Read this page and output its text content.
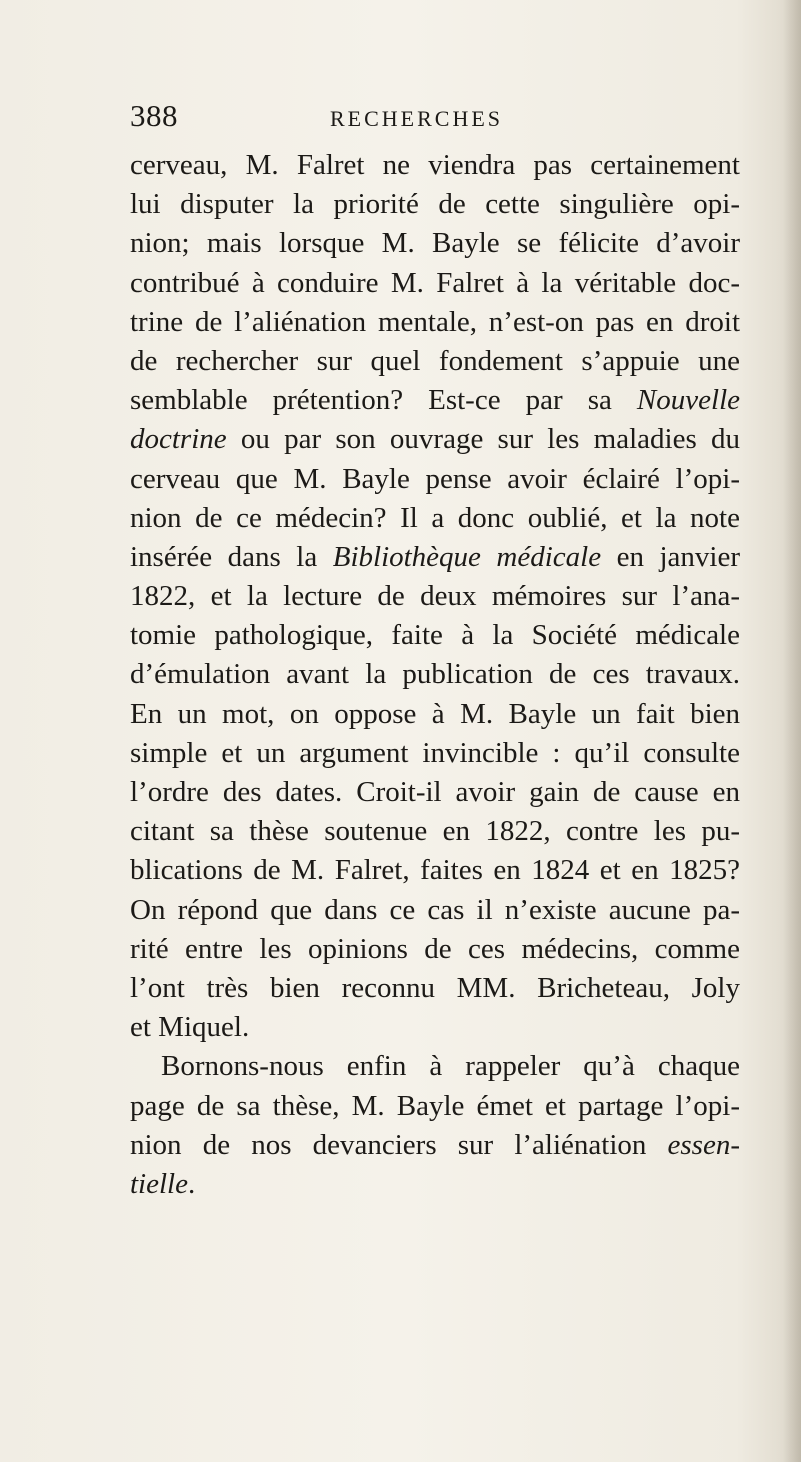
388	RECHERCHES
cerveau, M. Falret ne viendra pas certainement
lui disputer la priorité de cette singulière opi-
nion; mais lorsque M. Bayle se félicite d’avoir
contribué à conduire M. Falret à la véritable doc-
trine de l’aliénation mentale, n’est-on pas en droit
de rechercher sur quel fondement s’appuie une
semblable prétention? Est-ce par sa Nouvelle
doctrine ou par son ouvrage sur les maladies du
cerveau que M. Bayle pense avoir éclairé l’opi-
nion de ce médecin? Il a donc oublié, et la note
insérée dans la Bibliothèque médicale en janvier
1822, et la lecture de deux mémoires sur l’ana-
tomie pathologique, faite à la Société médicale
d’émulation avant la publication de ces travaux.
En un mot, on oppose à M. Bayle un fait bien
simple et un argument invincible : qu’il consulte
l’ordre des dates. Croit-il avoir gain de cause en
citant sa thèse soutenue en 1822, contre les pu-
blications de M. Falret, faites en 1824 et en 1825?
On répond que dans ce cas il n’existe aucune pa-
rité entre les opinions de ces médecins, comme
l’ont très bien reconnu MM. Bricheteau, Joly
et Miquel.
Bornons-nous enfin à rappeler qu’à chaque
page de sa thèse, M. Bayle émet et partage l’opi-
nion de nos devanciers sur l’aliénation essen-
tielle.
